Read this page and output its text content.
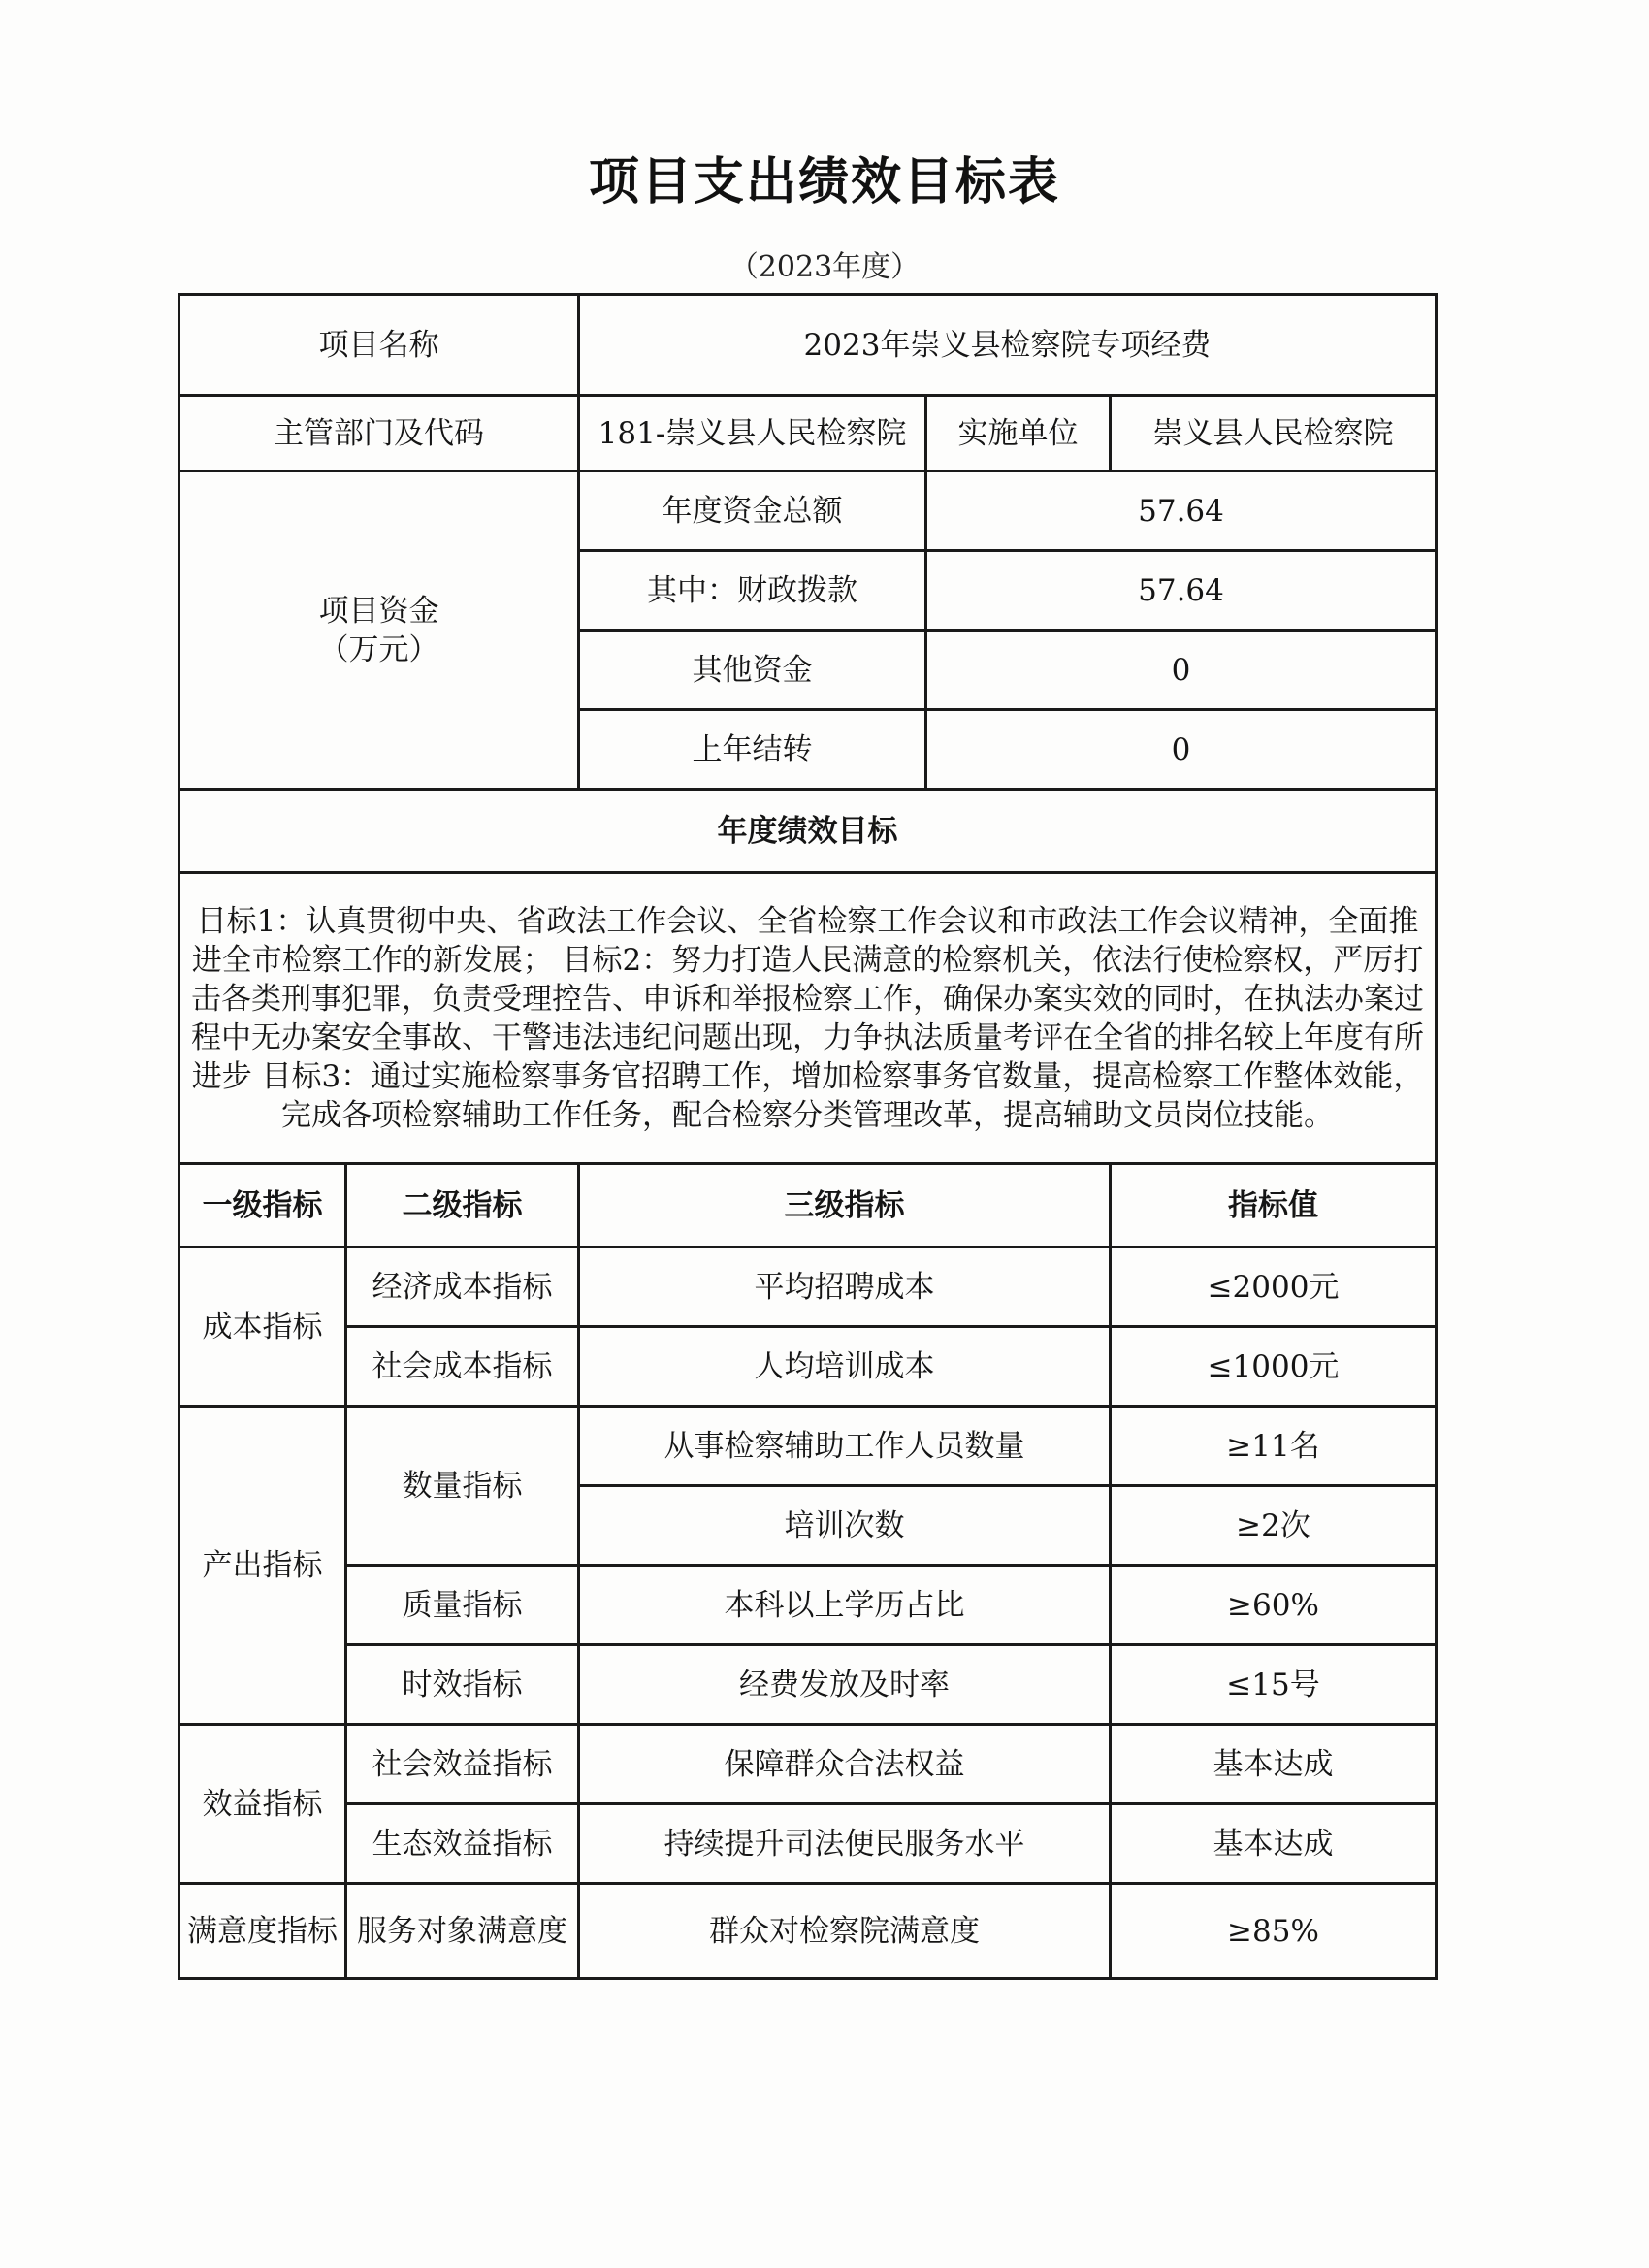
项目支出绩效目标表
（2023年度）
项目名称		2023年崇义县检察院专项经费		
主管部门及代码		181-崇义县人民检察院	实施单位	崇义县人民检察院

项目资金
（万元）		年度资金总额	57.64	
		其中：财政拨款	57.64	
		其他资金	0	
		上年结转	0	
年度绩效目标				
目标1：认真贯彻中央、省政法工作会议、全省检察工作会议和市政法工作会议精神，全面推进全市检察工作的新发展； 目标2：努力打造人民满意的检察机关，依法行使检察权，严厉打击各类刑事犯罪，负责受理控告、申诉和举报检察工作，确保办案实效的同时，在执法办案过程中无办案安全事故、干警违法违纪问题出现，力争执法质量考评在全省的排名较上年度有所进步 目标3：通过实施检察事务官招聘工作，增加检察事务官数量，提高检察工作整体效能，完成各项检察辅助工作任务，配合检察分类管理改革，提高辅助文员岗位技能。				
一级指标	二级指标	三级指标		指标值
成本指标	经济成本指标	平均招聘成本		≤2000元
	社会成本指标	人均培训成本		≤1000元
产出指标	数量指标	从事检察辅助工作人员数量		≥11名
		培训次数		≥2次
	质量指标	本科以上学历占比		≥60%
	时效指标	经费发放及时率		≤15号
效益指标	社会效益指标	保障群众合法权益		基本达成
	生态效益指标	持续提升司法便民服务水平		基本达成
满意度指标	服务对象满意度	群众对检察院满意度		≥85%
